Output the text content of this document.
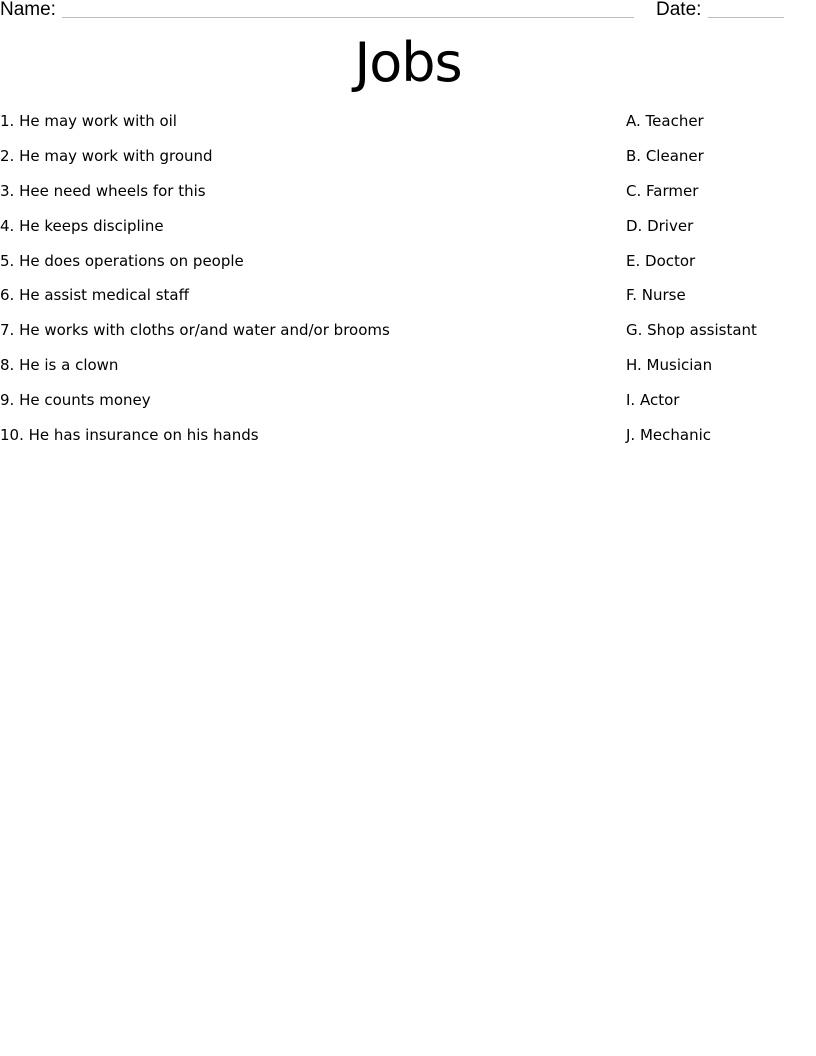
Name:	Date:
Jobs
1. He may work with oil
2. He may work with ground
3. Hee need wheels for this
4. He keeps discipline
5. He does operations on people
6. He assist medical staff
7. He works with cloths or/and water and/or brooms
8. He is a clown
9. He counts money
10. He has insurance on his hands
A. Teacher
B. Cleaner
C. Farmer
D. Driver
E. Doctor
F. Nurse
G. Shop assistant
H. Musician
I. Actor
J. Mechanic
